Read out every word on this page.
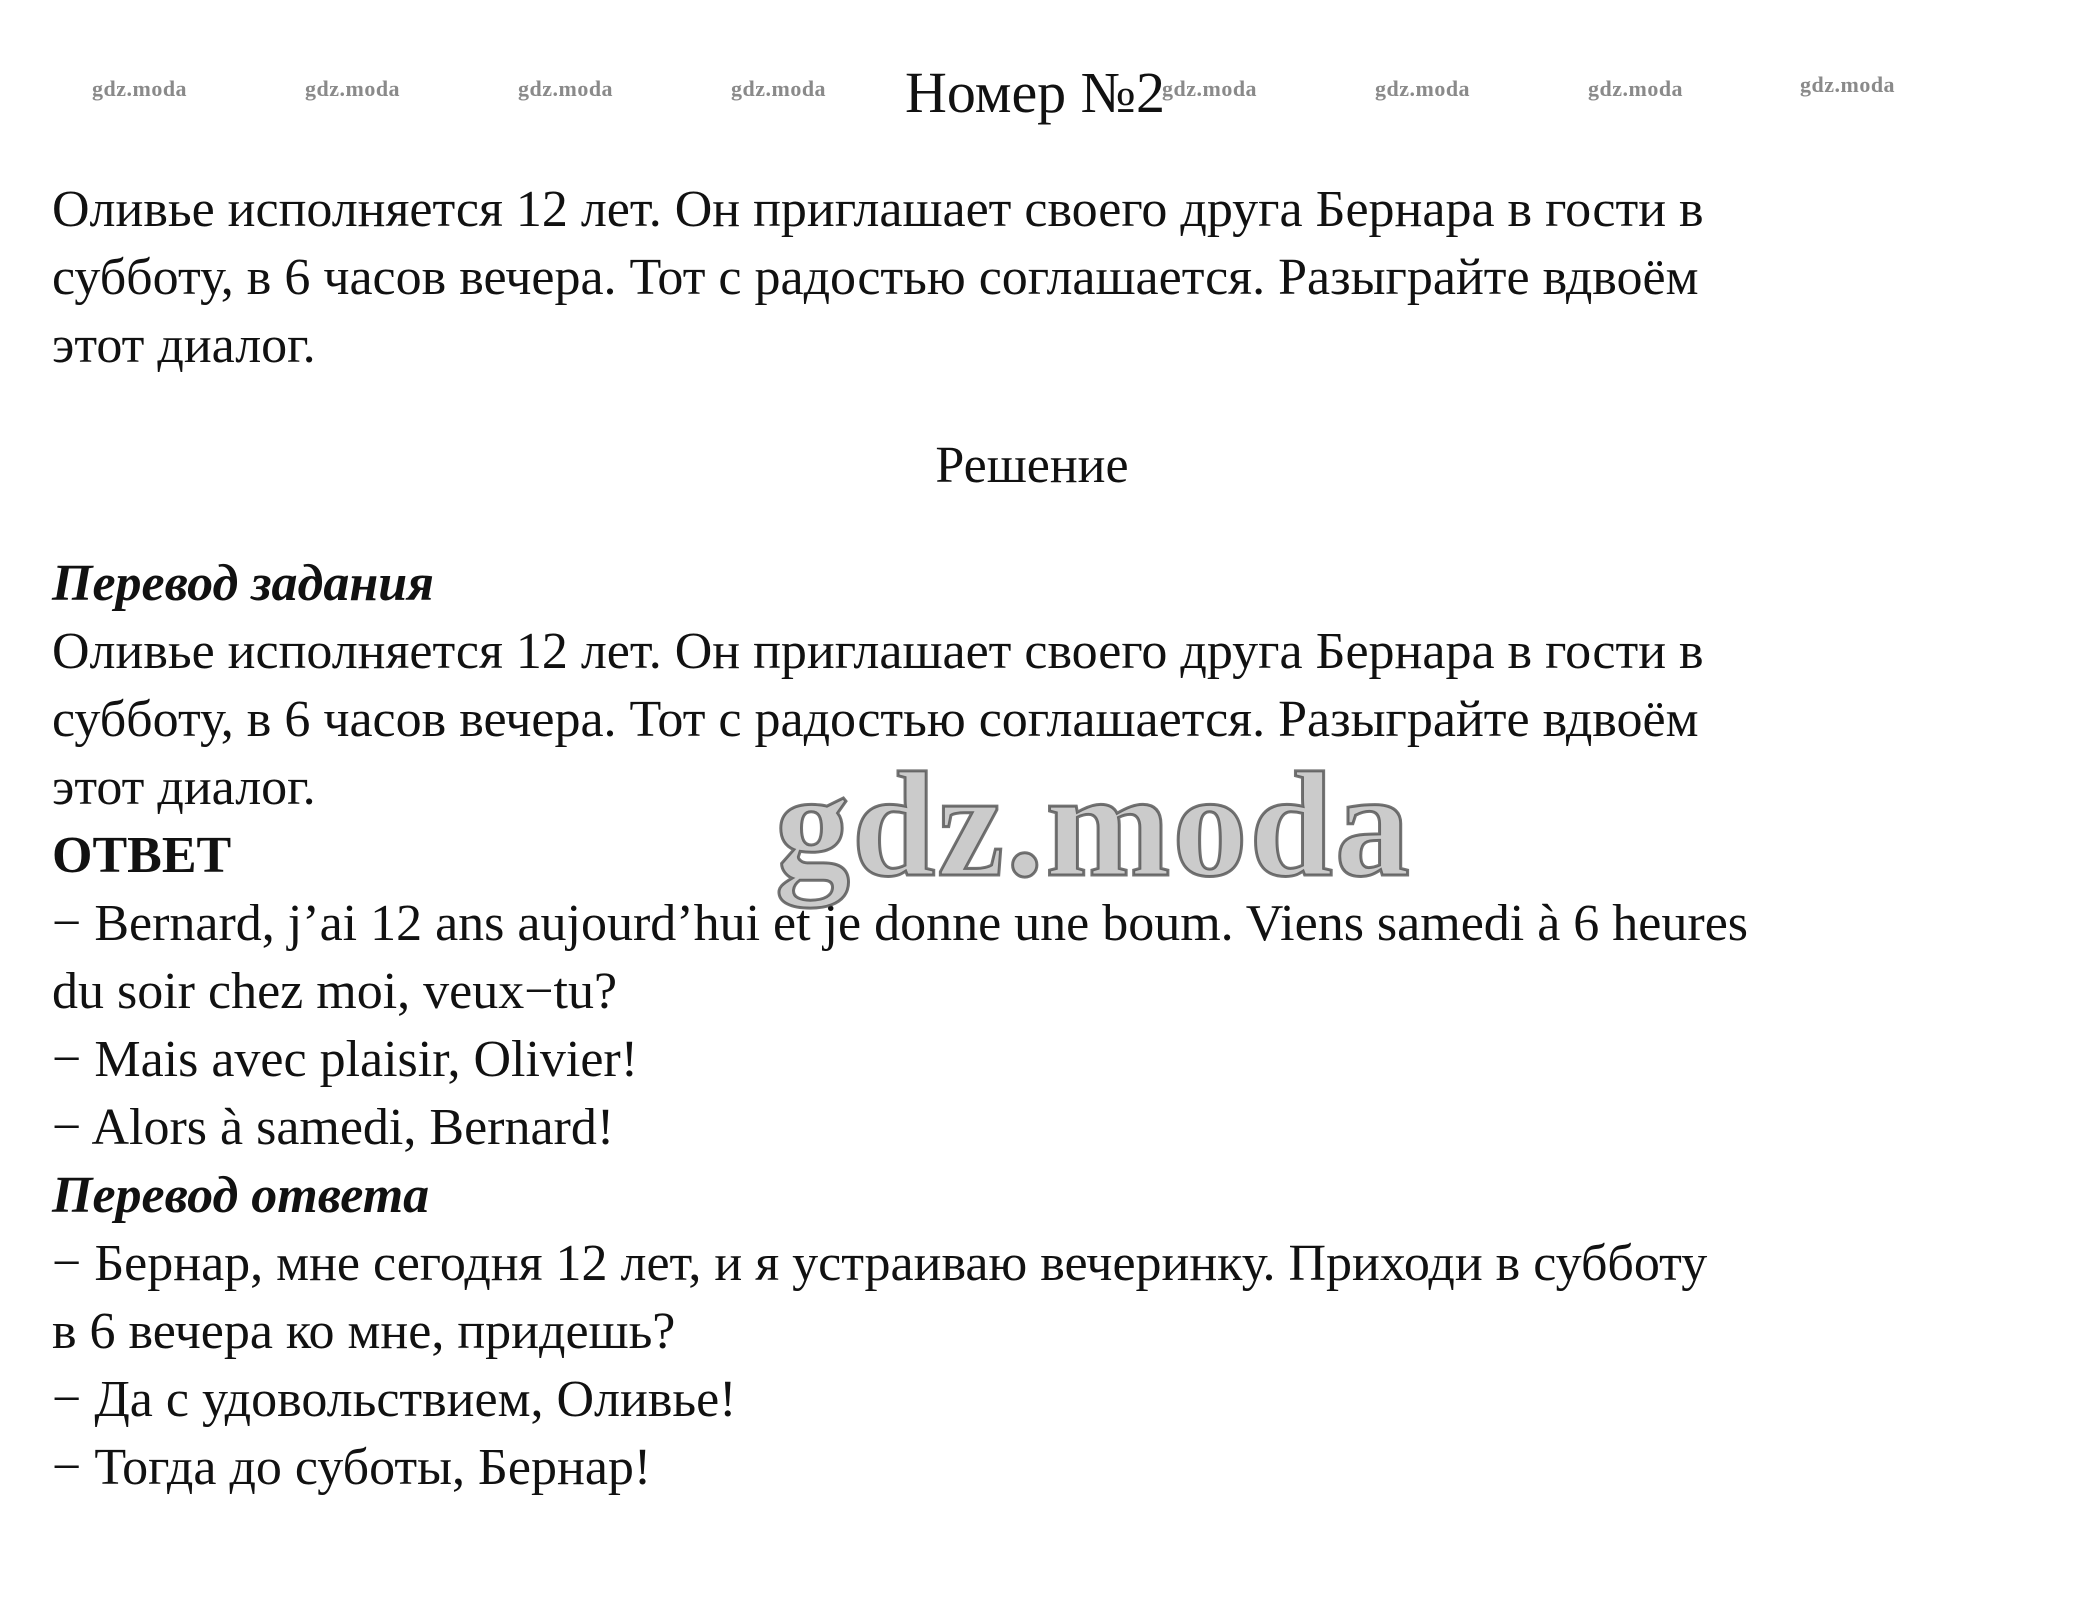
gdz.moda	gdz.moda	gdz.moda	gdz.moda	gdz.moda	gdz.moda	gdz.moda	gdz.moda
Номер №2

Оливье исполняется 12 лет. Он приглашает своего друга Бернара в гости в

субботу, в 6 часов вечера. Тот с радостью соглашается. Разыграйте вдвоём

этот диалог.

Решение

Перевод задания

Оливье исполняется 12 лет. Он приглашает своего друга Бернара в гости в

субботу, в 6 часов вечера. Тот с радостью соглашается. Разыграйте вдвоём

этот диалог.

ОТВЕТ

− Bernard, j’ai 12 ans aujourd’hui et je donne une boum. Viens samedi à 6 heures

du soir chez moi, veux−tu?

− Mais avec plaisir, Olivier!

− Alors à samedi, Bernard!

Перевод ответа

− Бернар, мне сегодня 12 лет, и я устраиваю вечеринку. Приходи в субботу

в 6 вечера ко мне, придешь?

− Да с удовольствием, Оливье!

− Тогда до суботы, Бернар!

gdz.moda
